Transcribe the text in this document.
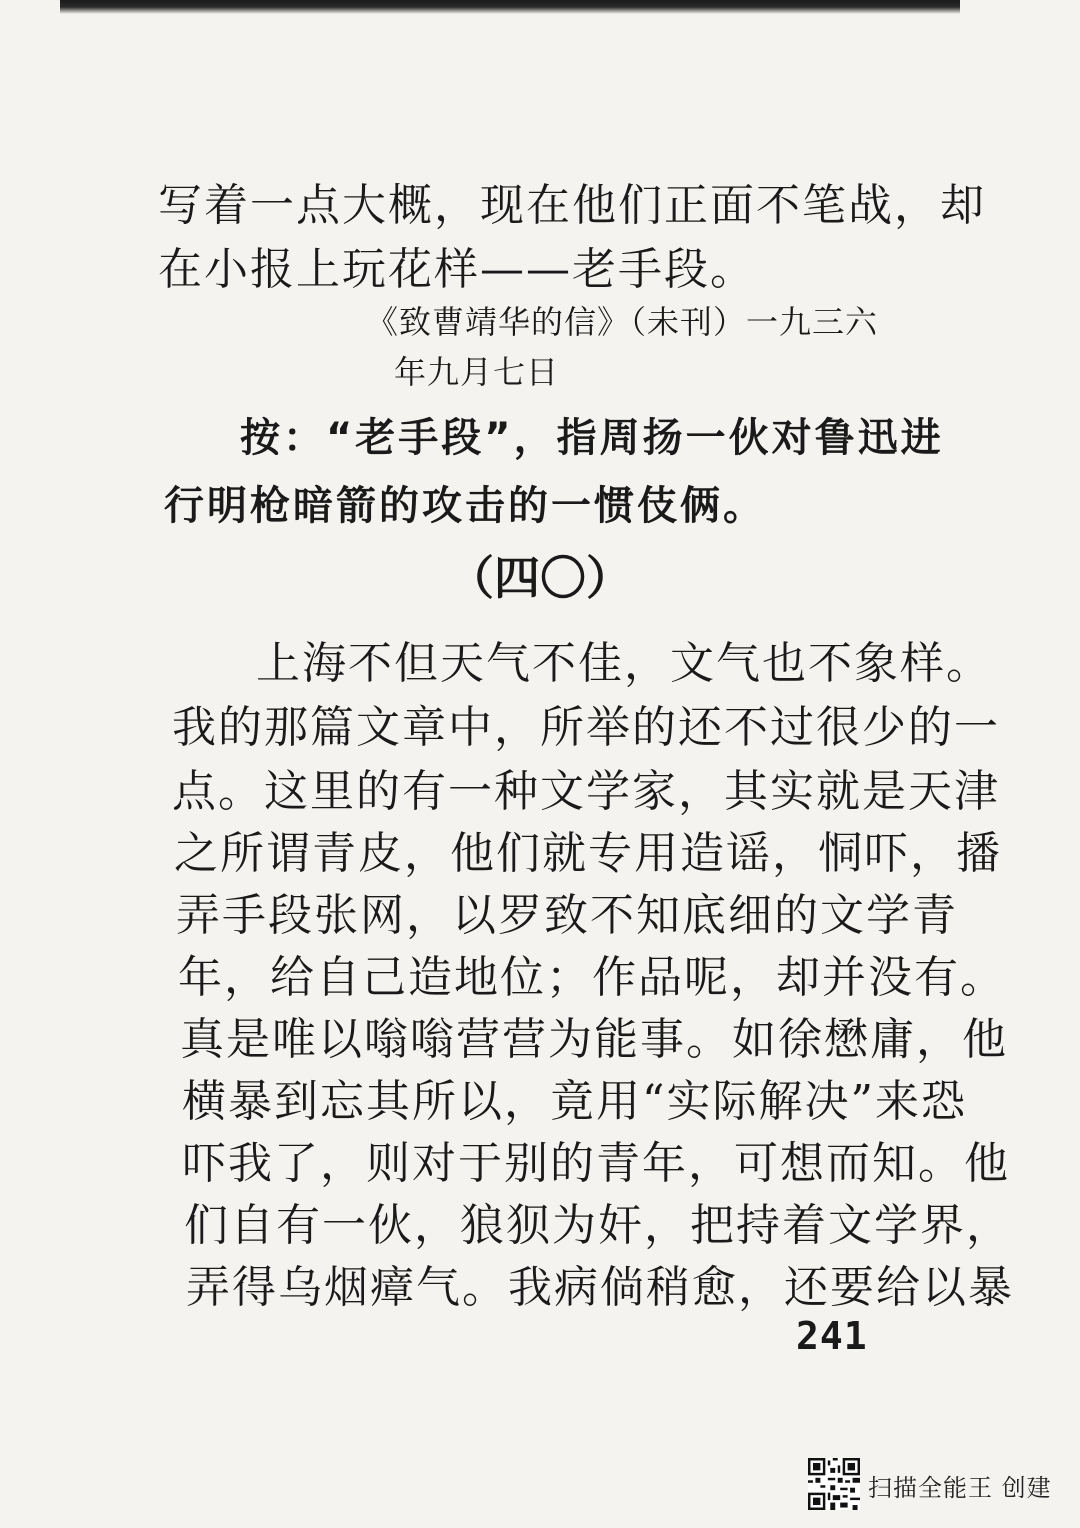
写着一点大概，现在他们正面不笔战，却
在小报上玩花样——老手段。
《致曹靖华的信》（未刊）一九三六
年九月七日
按：“老手段”，指周扬一伙对鲁迅进
行明枪暗箭的攻击的一惯伎俩。
（四〇）
上海不但天气不佳，文气也不象样。
我的那篇文章中，所举的还不过很少的一
点。这里的有一种文学家，其实就是天津
之所谓青皮，他们就专用造谣，恫吓，播
弄手段张网，以罗致不知底细的文学青
年，给自己造地位；作品呢，却并没有。
真是唯以嗡嗡营营为能事。如徐懋庸，他
横暴到忘其所以，竟用“实际解决”来恐
吓我了，则对于别的青年，可想而知。他
们自有一伙，狼狈为奸，把持着文学界，
弄得乌烟瘴气。我病倘稍愈，还要给以暴
241
扫描全能王 创建
